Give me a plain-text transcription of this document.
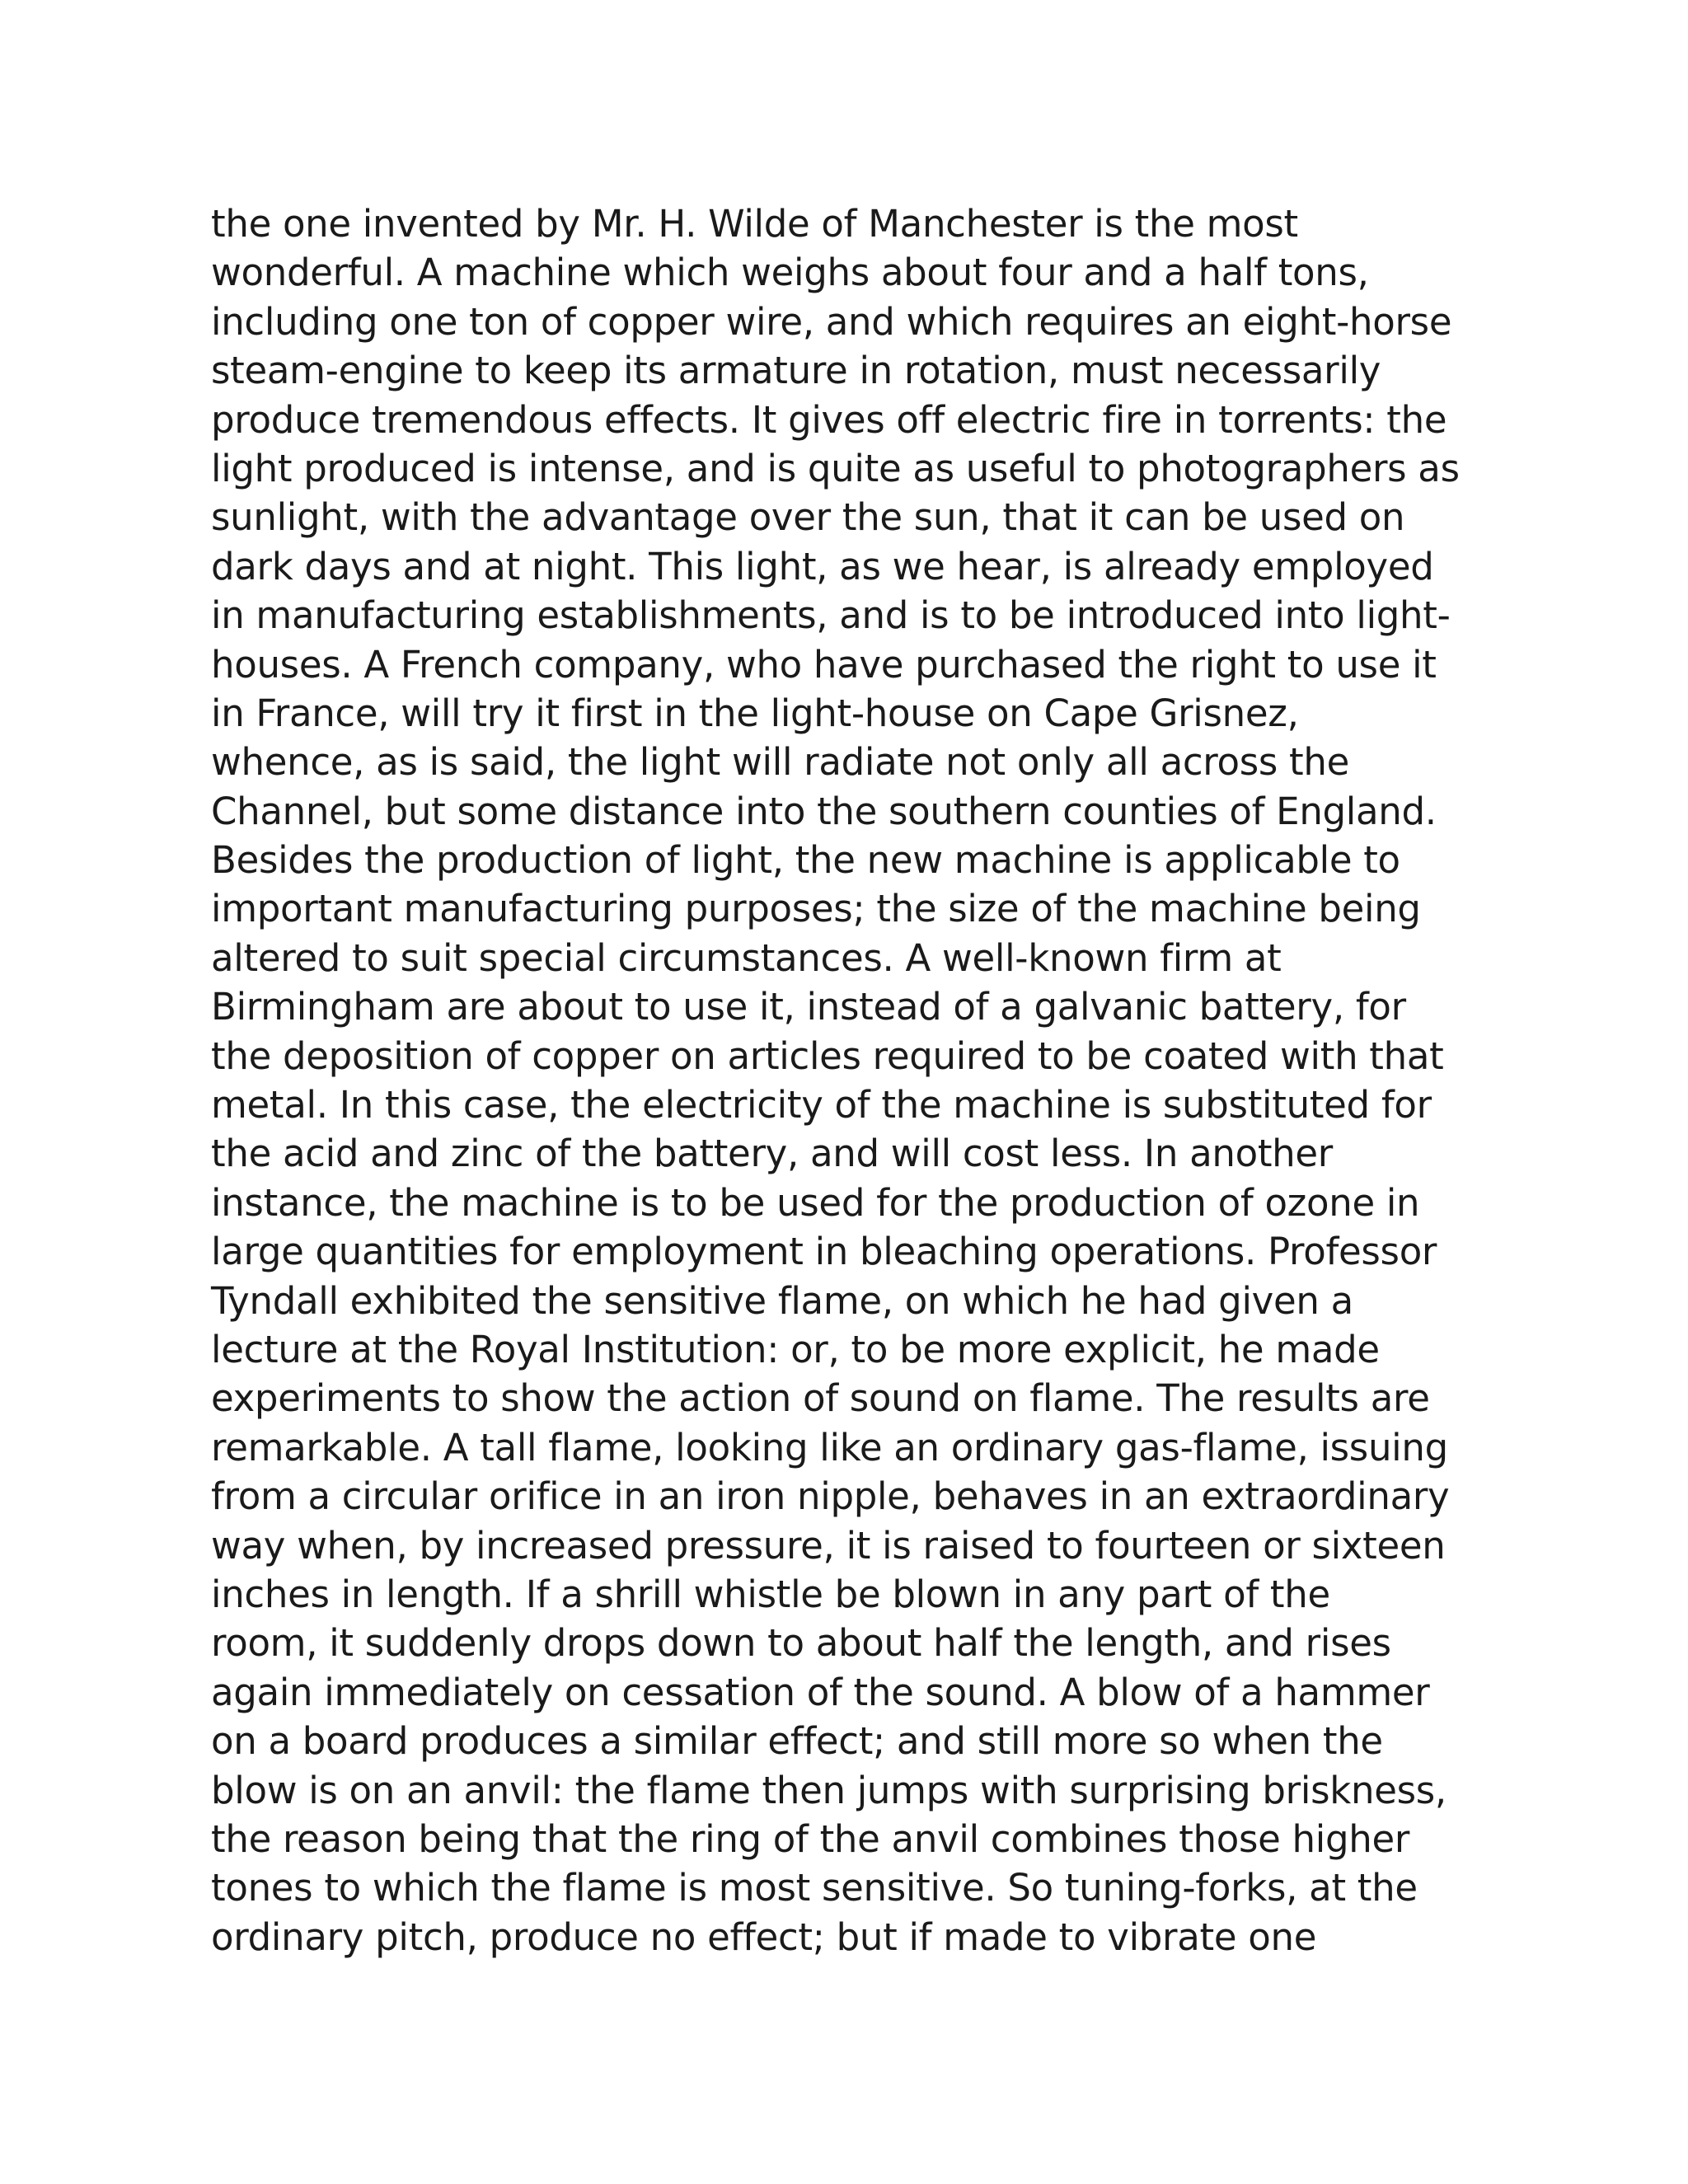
the one invented by Mr. H. Wilde of Manchester is the most
wonderful. A machine which weighs about four and a half tons,
including one ton of copper wire, and which requires an eight-horse
steam-engine to keep its armature in rotation, must necessarily
produce tremendous effects. It gives off electric fire in torrents: the
light produced is intense, and is quite as useful to photographers as
sunlight, with the advantage over the sun, that it can be used on
dark days and at night. This light, as we hear, is already employed
in manufacturing establishments, and is to be introduced into light-
houses. A French company, who have purchased the right to use it
in France, will try it first in the light-house on Cape Grisnez,
whence, as is said, the light will radiate not only all across the
Channel, but some distance into the southern counties of England.
Besides the production of light, the new machine is applicable to
important manufacturing purposes; the size of the machine being
altered to suit special circumstances. A well-known firm at
Birmingham are about to use it, instead of a galvanic battery, for
the deposition of copper on articles required to be coated with that
metal. In this case, the electricity of the machine is substituted for
the acid and zinc of the battery, and will cost less. In another
instance, the machine is to be used for the production of ozone in
large quantities for employment in bleaching operations. Professor
Tyndall exhibited the sensitive flame, on which he had given a
lecture at the Royal Institution: or, to be more explicit, he made
experiments to show the action of sound on flame. The results are
remarkable. A tall flame, looking like an ordinary gas-flame, issuing
from a circular orifice in an iron nipple, behaves in an extraordinary
way when, by increased pressure, it is raised to fourteen or sixteen
inches in length. If a shrill whistle be blown in any part of the
room, it suddenly drops down to about half the length, and rises
again immediately on cessation of the sound. A blow of a hammer
on a board produces a similar effect; and still more so when the
blow is on an anvil: the flame then jumps with surprising briskness,
the reason being that the ring of the anvil combines those higher
tones to which the flame is most sensitive. So tuning-forks, at the
ordinary pitch, produce no effect; but if made to vibrate one
